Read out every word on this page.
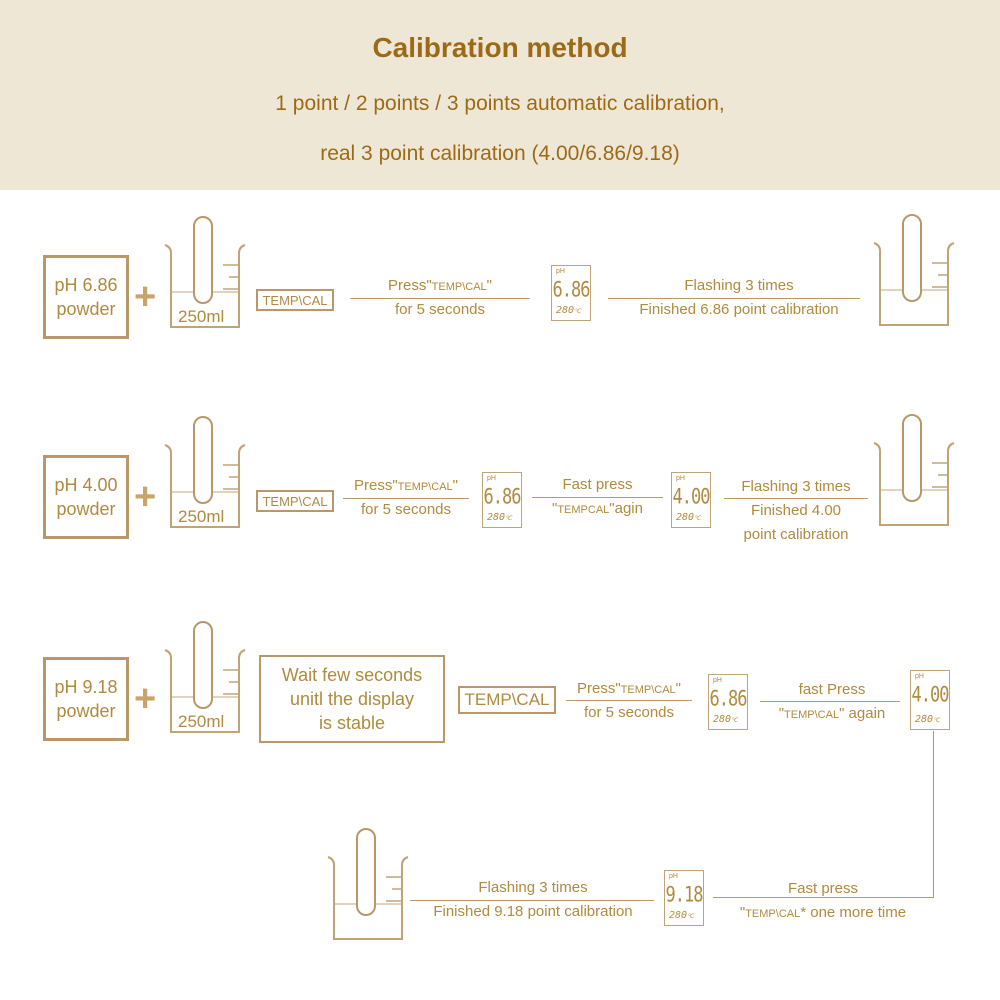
Calibration method
1 point / 2 points / 3 points automatic calibration,
real 3 point calibration (4.00/6.86/9.18)
pH 6.86
powder + 250ml
TEMP\CAL
Press"TEMP\CAL"
for 5 seconds
pH
6.86
280℃
Flashing 3 times
Finished 6.86 point calibration
pH 4.00
powder + 250ml
TEMP\CAL
Press"TEMP\CAL"
for 5 seconds
pH
6.86
280℃
Fast press
"TEMPCAL"agin
pH
4.00
280℃
Flashing 3 times
Finished 4.00
point calibration
pH 9.18
powder +
250ml
Wait few seconds
unitl the display
is stable
TEMP\CAL
Press"TEMP\CAL"
for 5 seconds
pH
6.86
280℃
fast Press
"TEMP\CAL" again
pH
4.00
280℃
Flashing 3 times
Finished 9.18 point calibration
pH
9.18
280℃
Fast press
"TEMP\CAL* one more time
